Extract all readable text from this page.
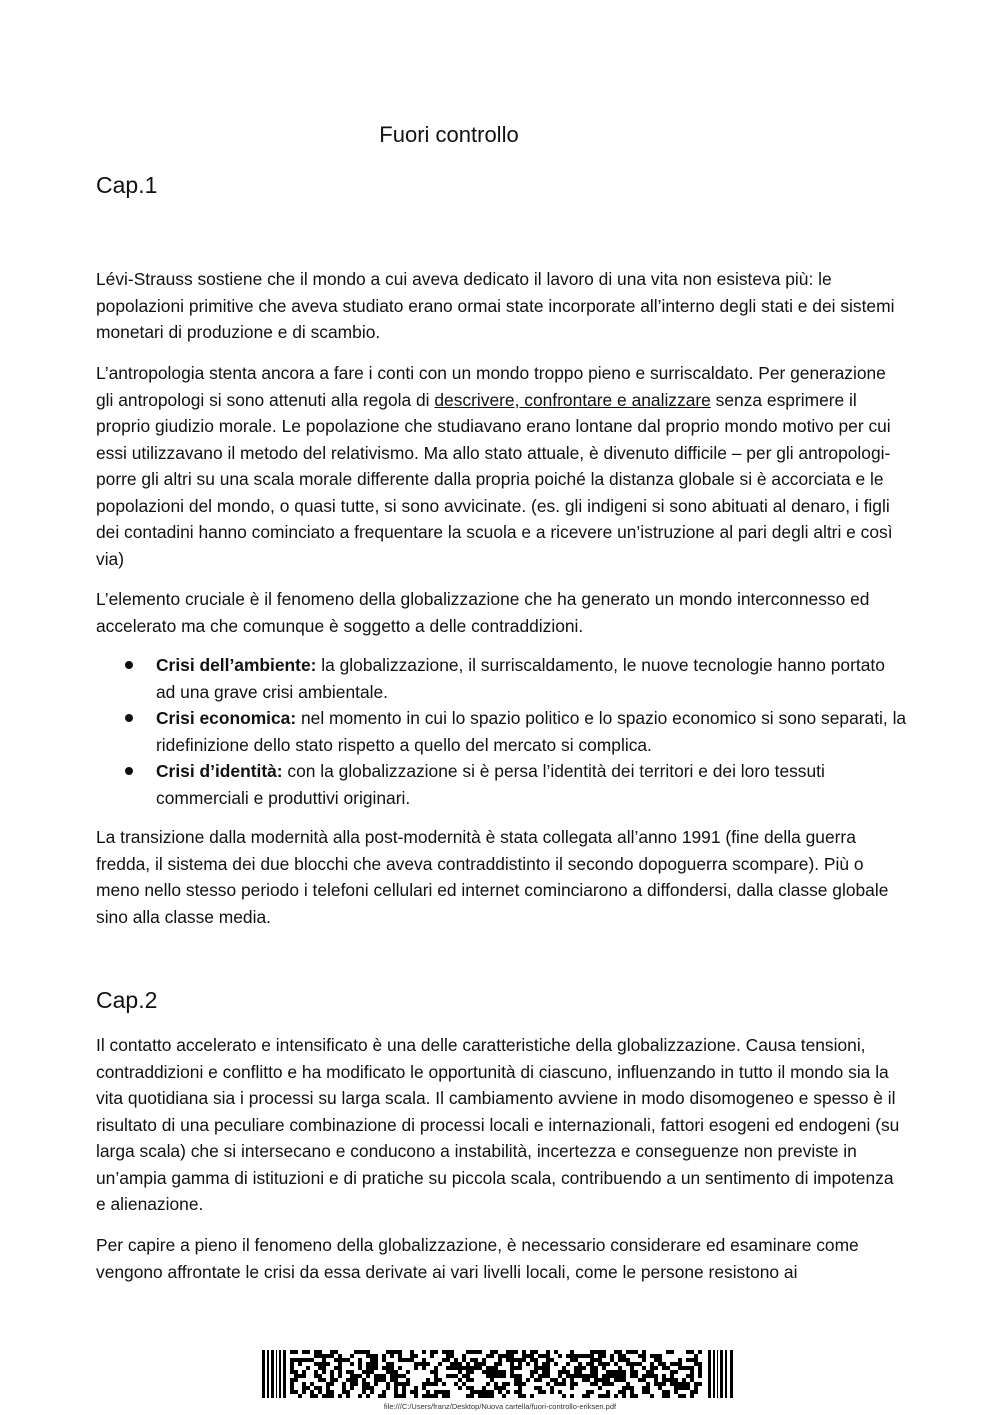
Fuori controllo
Cap.1

Lévi-Strauss sostiene che il mondo a cui aveva dedicato il lavoro di una vita non esisteva più: le popolazioni primitive che aveva studiato erano ormai state incorporate all’interno degli stati e dei sistemi monetari di produzione e di scambio.

L’antropologia stenta ancora a fare i conti con un mondo troppo pieno e surriscaldato. Per generazione gli antropologi si sono attenuti alla regola di descrivere, confrontare e analizzare senza esprimere il proprio giudizio morale. Le popolazione che studiavano erano lontane dal proprio mondo motivo per cui essi utilizzavano il metodo del relativismo. Ma allo stato attuale, è divenuto difficile – per gli antropologi- porre gli altri su una scala morale differente dalla propria poiché la distanza globale si è accorciata e le popolazioni del mondo, o quasi tutte, si sono avvicinate. (es. gli indigeni si sono abituati al denaro, i figli dei contadini hanno cominciato a frequentare la scuola e a ricevere un’istruzione al pari degli altri e così via)

L’elemento cruciale è il fenomeno della globalizzazione che ha generato un mondo interconnesso ed accelerato ma che comunque è soggetto a delle contraddizioni.

Crisi dell’ambiente: la globalizzazione, il surriscaldamento, le nuove tecnologie hanno portato ad una grave crisi ambientale.
Crisi economica: nel momento in cui lo spazio politico e lo spazio economico si sono separati, la ridefinizione dello stato rispetto a quello del mercato si complica.
Crisi d’identità: con la globalizzazione si è persa l’identità dei territori e dei loro tessuti commerciali e produttivi originari.

La transizione dalla modernità alla post-modernità è stata collegata all’anno 1991 (fine della guerra fredda, il sistema dei due blocchi che aveva contraddistinto il secondo dopoguerra scompare). Più o meno nello stesso periodo i telefoni cellulari ed internet cominciarono a diffondersi, dalla classe globale sino alla classe media.

Cap.2

Il contatto accelerato e intensificato è una delle caratteristiche della globalizzazione. Causa tensioni, contraddizioni e conflitto e ha modificato le opportunità di ciascuno, influenzando in tutto il mondo sia la vita quotidiana sia i processi su larga scala. Il cambiamento avviene in modo disomogeneo e spesso è il risultato di una peculiare combinazione di processi locali e internazionali, fattori esogeni ed endogeni (su larga scala) che si intersecano e conducono a instabilità, incertezza e conseguenze non previste in un’ampia gamma di istituzioni e di pratiche su piccola scala, contribuendo a un sentimento di impotenza e alienazione.

Per capire a pieno il fenomeno della globalizzazione, è necessario considerare ed esaminare come vengono affrontate le crisi da essa derivate ai vari livelli locali, come le persone resistono ai

file:///C:/Users/franz/Desktop/Nuova cartella/fuori-controllo-eriksen.pdf
